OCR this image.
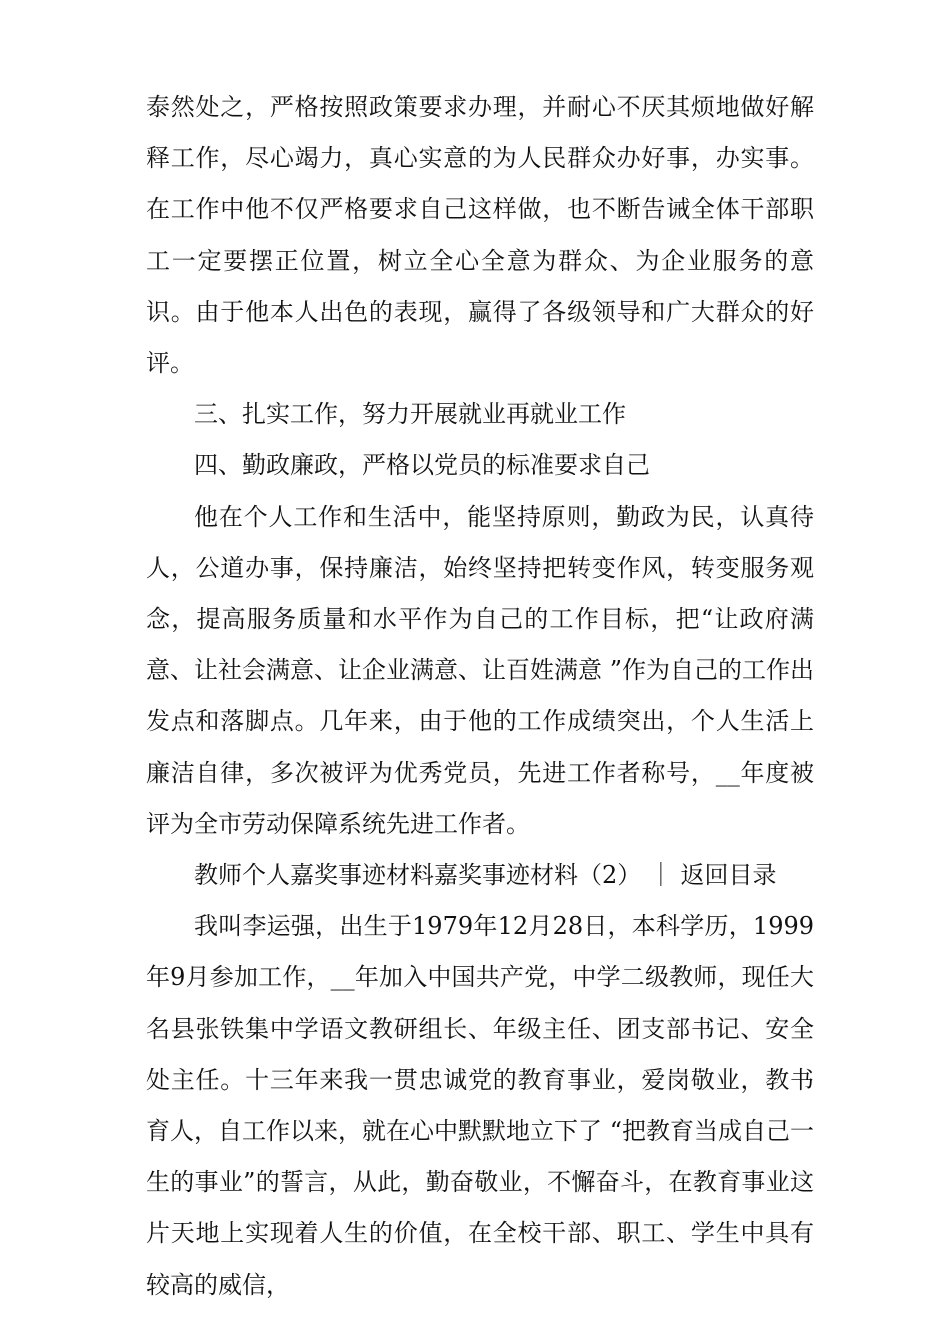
泰然处之，严格按照政策要求办理，并耐心不厌其烦地做好解释工作，尽心竭力，真心实意的为人民群众办好事，办实事。在工作中他不仅严格要求自己这样做，也不断告诫全体干部职工一定要摆正位置，树立全心全意为群众、为企业服务的意识。由于他本人出色的表现，赢得了各级领导和广大群众的好评。

三、扎实工作，努力开展就业再就业工作

四、勤政廉政，严格以党员的标准要求自己

他在个人工作和生活中，能坚持原则，勤政为民，认真待人，公道办事，保持廉洁，始终坚持把转变作风，转变服务观念，提高服务质量和水平作为自己的工作目标，把“让政府满意、让社会满意、让企业满意、让百姓满意 ”作为自己的工作出发点和落脚点。几年来，由于他的工作成绩突出，个人生活上廉洁自律，多次被评为优秀党员，先进工作者称号，__年度被评为全市劳动保障系统先进工作者。

教师个人嘉奖事迹材料嘉奖事迹材料（2） ｜ 返回目录

我叫李运强，出生于1979年12月28日，本科学历，1999年9月参加工作，__年加入中国共产党，中学二级教师，现任大名县张铁集中学语文教研组长、年级主任、团支部书记、安全处主任。十三年来我一贯忠诚党的教育事业，爱岗敬业，教书育人，自工作以来，就在心中默默地立下了 “把教育当成自己一生的事业”的誓言，从此，勤奋敬业，不懈奋斗，在教育事业这片天地上实现着人生的价值，在全校干部、职工、学生中具有较高的威信，
